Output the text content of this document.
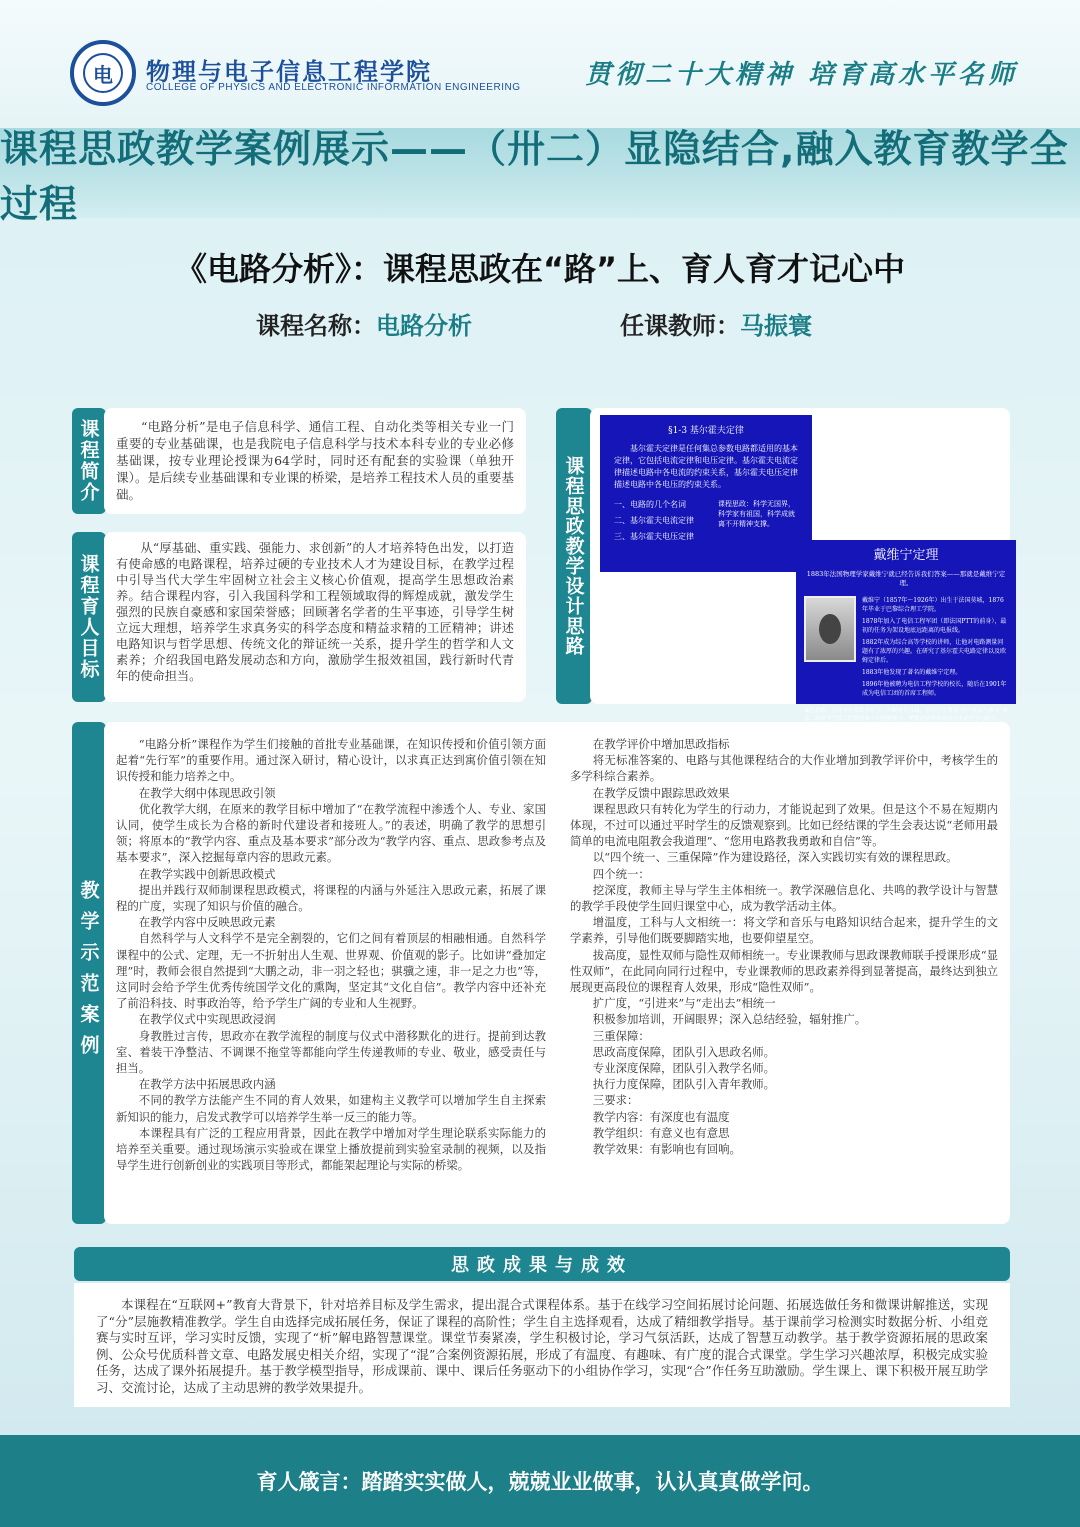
电	物理与电子信息工程学院
COLLEGE OF PHYSICS AND ELECTRONIC INFORMATION ENGINEERING 贯彻二十大精神 培育高水平名师
课程思政教学案例展示——（卅二）显隐结合,融入教育教学全过程
《电路分析》：课程思政在“路”上、育人育才记心中
课程名称：电路分析	任课教师：马振寰
课程简介	“电路分析”是电子信息科学、通信工程、自动化类等相关专业一门重要的专业基础课，也是我院电子信息科学与技术本科专业的专业必修基础课，按专业理论授课为64学时，同时还有配套的实验课（单独开课）。是后续专业基础课和专业课的桥梁，是培养工程技术人员的重要基础。

课程育人目标

从“厚基础、重实践、强能力、求创新”的人才培养特色出发，以打造有使命感的电路课程，培养过硬的专业技术人才为建设目标，在教学过程中引导当代大学生牢固树立社会主义核心价值观，提高学生思想政治素养。结合课程内容，引入我国科学和工程领域取得的辉煌成就，激发学生强烈的民族自豪感和家国荣誉感；回顾著名学者的生平事迹，引导学生树立远大理想，培养学生求真务实的科学态度和精益求精的工匠精神；讲述电路知识与哲学思想、传统文化的辩证统一关系，提升学生的哲学和人文素养；介绍我国电路发展动态和方向，激励学生报效祖国，践行新时代青年的使命担当。

课程思政教学设计思路
§1-3 基尔霍夫定律
基尔霍夫定律是任何集总参数电路都适用的基本定律，它包括电流定律和电压定律。基尔霍夫电流定律描述电路中各电流的约束关系，基尔霍夫电压定律描述电路中各电压的约束关系。
一、电路的几个名词
二、基尔霍夫电流定律
三、基尔霍夫电压定律
课程思政：科学无国界，科学家有祖国，科学成就离不开精神支撑。
戴维宁定理
1883年法国物理学家戴维宁就已经告诉我们答案——那就是戴维宁定理。
戴维宁（1857年～1926年）出生于法国莫城，1876年毕业于巴黎综合理工学院。
1878年加入了电信工程军团（即法国PTT的前身），最初的任务为架设地底远距离的电报线。
1882年成为综合高等学校的讲师，让他对电路测量问题有了浓厚的兴趣。在研究了基尔霍夫电路定律以及欧姆定律后。
1883年他发现了著名的戴维宁定理。
1896年他被聘为电信工程学校的校长，随后在1901年成为电信工团的首席工程师。
课程思政：引导学生要勤奋好学，不断提升自我。引导学生增强“两合优良与奋斗”观念，培养学生的工匠精神和工程创新能力。增强创新意识和应用多途径学习能力。
教学示范案例

“电路分析”课程作为学生们接触的首批专业基础课，在知识传授和价值引领方面起着“先行军”的重要作用。通过深入研讨，精心设计，以求真正达到寓价值引领在知识传授和能力培养之中。

在教学大纲中体现思政引领

优化教学大纲，在原来的教学目标中增加了“在教学流程中渗透个人、专业、家国认同，使学生成长为合格的新时代建设者和接班人。”的表述，明确了教学的思想引领；将原本的“教学内容、重点及基本要求”部分改为“教学内容、重点、思政参考点及基本要求”，深入挖掘每章内容的思政元素。

在教学实践中创新思政模式

提出并践行双师制课程思政模式，将课程的内涵与外延注入思政元素，拓展了课程的广度，实现了知识与价值的融合。

在教学内容中反映思政元素

自然科学与人文科学不是完全割裂的，它们之间有着顶层的相融相通。自然科学课程中的公式、定理，无一不折射出人生观、世界观、价值观的影子。比如讲“叠加定理”时，教师会很自然提到“大鹏之动，非一羽之轻也；骐骥之速，非一足之力也”等，这同时会给予学生优秀传统国学文化的熏陶，坚定其“文化自信”。教学内容中还补充了前沿科技、时事政治等，给予学生广阔的专业和人生视野。

在教学仪式中实现思政浸润

身教胜过言传，思政亦在教学流程的制度与仪式中潜移默化的进行。提前到达教室、着装干净整洁、不调课不拖堂等都能向学生传递教师的专业、敬业，感受责任与担当。

在教学方法中拓展思政内涵

不同的教学方法能产生不同的育人效果，如建构主义教学可以增加学生自主探索新知识的能力，启发式教学可以培养学生举一反三的能力等。

本课程具有广泛的工程应用背景，因此在教学中增加对学生理论联系实际能力的培养至关重要。通过现场演示实验或在课堂上播放提前到实验室录制的视频，以及指导学生进行创新创业的实践项目等形式，都能架起理论与实际的桥梁。

在教学评价中增加思政指标

将无标准答案的、电路与其他课程结合的大作业增加到教学评价中，考核学生的多学科综合素养。

在教学反馈中跟踪思政效果

课程思政只有转化为学生的行动力，才能说起到了效果。但是这个不易在短期内体现，不过可以通过平时学生的反馈观察到。比如已经结课的学生会表达说“老师用最简单的电流电阻教会我道理”、“您用电路教我勇敢和自信”等。

以“四个统一、三重保障”作为建设路径，深入实践切实有效的课程思政。

四个统一：

挖深度，教师主导与学生主体相统一。教学深融信息化、共鸣的教学设计与智慧的教学手段使学生回归课堂中心，成为教学活动主体。

增温度，工科与人文相统一：将文学和音乐与电路知识结合起来，提升学生的文学素养，引导他们既要脚踏实地，也要仰望星空。

拔高度，显性双师与隐性双师相统一。专业课教师与思政课教师联手授课形成“显性双师”，在此同向同行过程中，专业课教师的思政素养得到显著提高，最终达到独立展现更高段位的课程育人效果，形成“隐性双师”。

扩广度，“引进来”与“走出去”相统一

积极参加培训，开阔眼界；深入总结经验，辐射推广。

三重保障：

思政高度保障，团队引入思政名师。

专业深度保障，团队引入教学名师。

执行力度保障，团队引入青年教师。

三要求：

教学内容：有深度也有温度

教学组织：有意义也有意思

教学效果：有影响也有回响。

思政成果与成效

本课程在“互联网+”教育大背景下，针对培养目标及学生需求，提出混合式课程体系。基于在线学习空间拓展讨论问题、拓展选做任务和微课讲解推送，实现了“分”层施教精准教学。学生自由选择完成拓展任务，保证了课程的高阶性；学生自主选择观看，达成了精细教学指导。基于课前学习检测实时数据分析、小组竞赛与实时互评，学习实时反馈，实现了“析”解电路智慧课堂。课堂节奏紧凑，学生积极讨论，学习气氛活跃，达成了智慧互动教学。基于教学资源拓展的思政案例、公众号优质科普文章、电路发展史相关介绍，实现了“混”合案例资源拓展，形成了有温度、有趣味、有广度的混合式课堂。学生学习兴趣浓厚，积极完成实验任务，达成了课外拓展提升。基于教学模型指导，形成课前、课中、课后任务驱动下的小组协作学习，实现“合”作任务互助激励。学生课上、课下积极开展互助学习、交流讨论，达成了主动思辨的教学效果提升。

育人箴言：踏踏实实做人，兢兢业业做事，认认真真做学问。
